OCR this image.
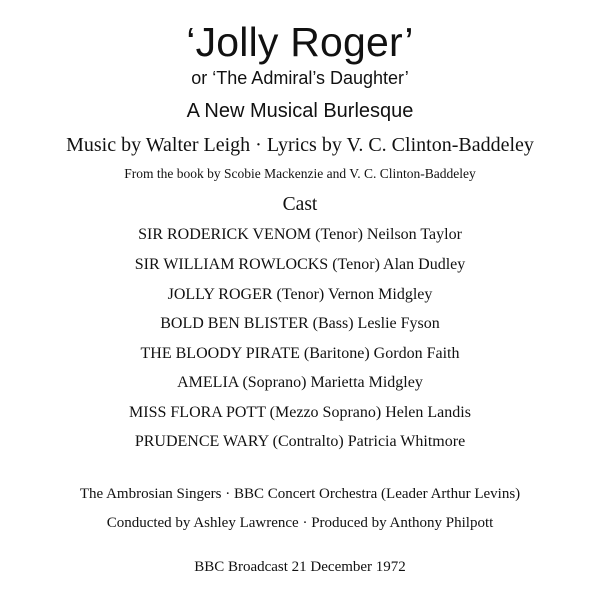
‘Jolly Roger’
or ‘The Admiral’s Daughter’
A New Musical Burlesque
Music by Walter Leigh · Lyrics by V. C. Clinton-Baddeley
From the book by Scobie Mackenzie and V. C. Clinton-Baddeley
Cast
SIR RODERICK VENOM (Tenor) Neilson Taylor
SIR WILLIAM ROWLOCKS (Tenor) Alan Dudley
JOLLY ROGER (Tenor) Vernon Midgley
BOLD BEN BLISTER (Bass) Leslie Fyson
THE BLOODY PIRATE (Baritone) Gordon Faith
AMELIA (Soprano) Marietta Midgley
MISS FLORA POTT (Mezzo Soprano) Helen Landis
PRUDENCE WARY (Contralto) Patricia Whitmore
The Ambrosian Singers · BBC Concert Orchestra (Leader Arthur Levins)
Conducted by Ashley Lawrence · Produced by Anthony Philpott
BBC Broadcast 21 December 1972
